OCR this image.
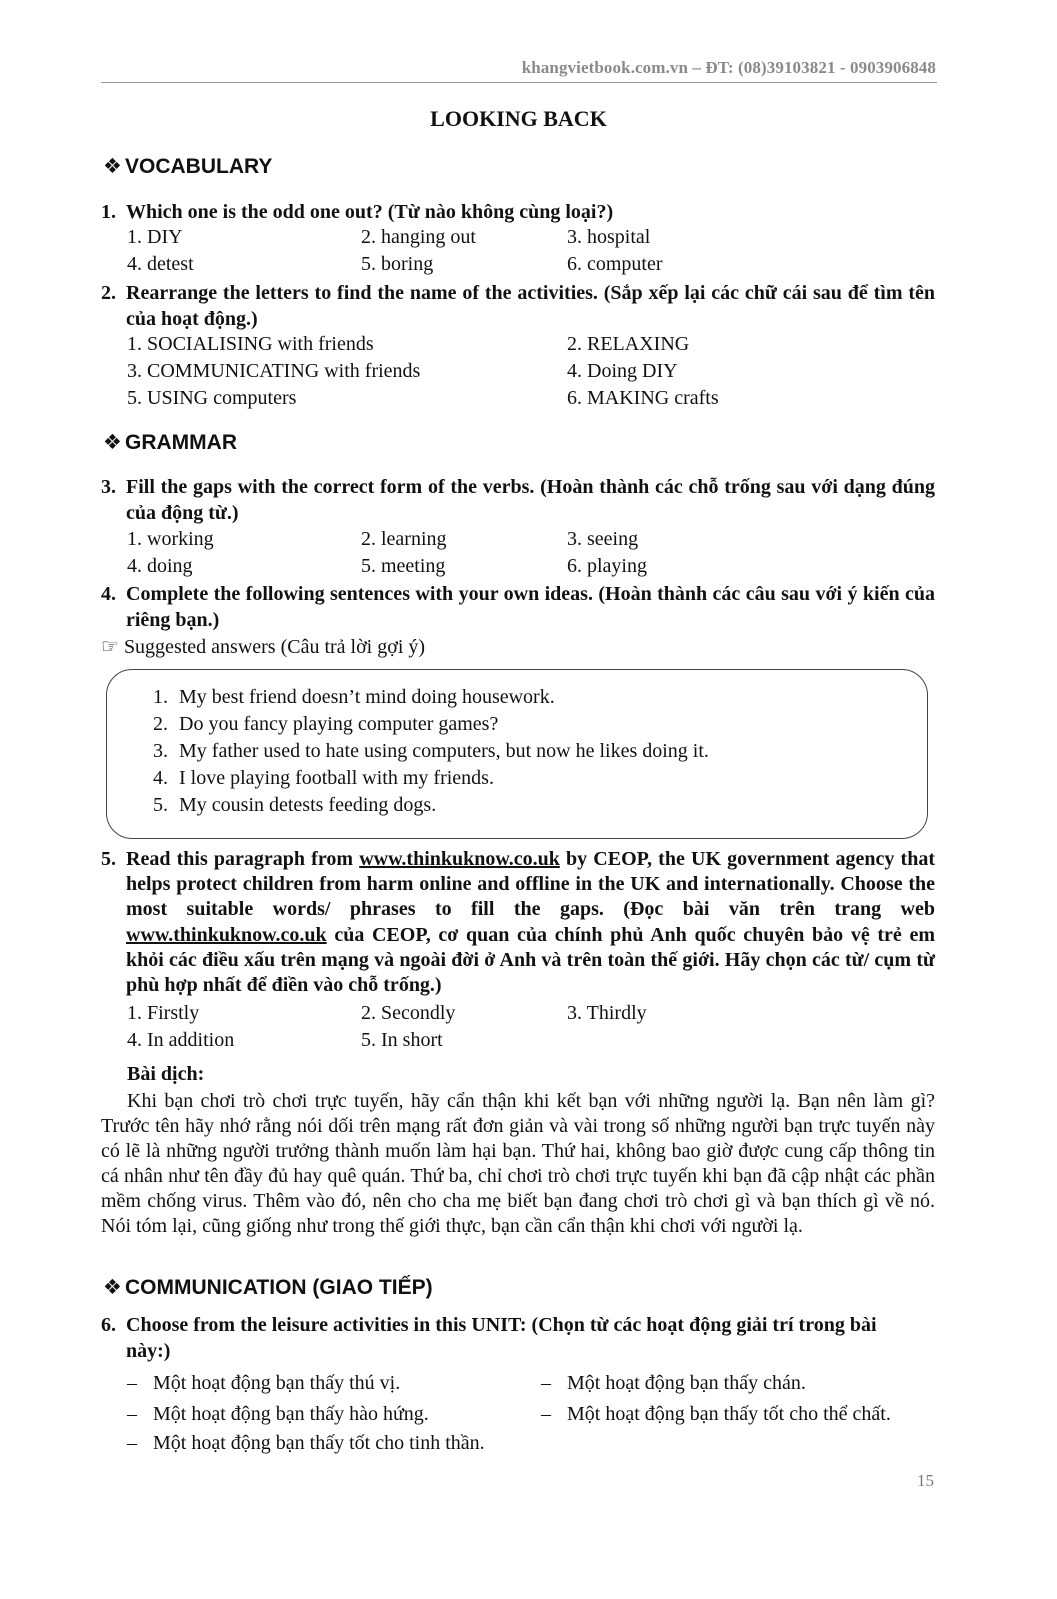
khangvietbook.com.vn – ĐT: (08)39103821 - 0903906848
LOOKING BACK
❖ VOCABULARY
1. Which one is the odd one out? (Từ nào không cùng loại?)
1. DIY	2. hanging out	3. hospital
4. detest	5. boring	6. computer
2. Rearrange the letters to find the name of the activities. (Sắp xếp lại các chữ cái sau để tìm tên của hoạt động.)
1. SOCIALISING with friends	2. RELAXING
3. COMMUNICATING with friends	4. Doing DIY
5. USING computers	6. MAKING crafts
❖ GRAMMAR
3. Fill the gaps with the correct form of the verbs. (Hoàn thành các chỗ trống sau với dạng đúng của động từ.)
1. working	2. learning	3. seeing
4. doing	5. meeting	6. playing
4. Complete the following sentences with your own ideas. (Hoàn thành các câu sau với ý kiến của riêng bạn.)
☞ Suggested answers (Câu trả lời gợi ý)
1. My best friend doesn’t mind doing housework.
2. Do you fancy playing computer games?
3. My father used to hate using computers, but now he likes doing it.
4. I love playing football with my friends.
5. My cousin detests feeding dogs.
5. Read this paragraph from www.thinkuknow.co.uk by CEOP, the UK government agency that helps protect children from harm online and offline in the UK and internationally. Choose the most suitable words/ phrases to fill the gaps. (Đọc bài văn trên trang web www.thinkuknow.co.uk của CEOP, cơ quan của chính phủ Anh quốc chuyên bảo vệ trẻ em khỏi các điều xấu trên mạng và ngoài đời ở Anh và trên toàn thế giới. Hãy chọn các từ/ cụm từ phù hợp nhất để điền vào chỗ trống.)
1. Firstly	2. Secondly	3. Thirdly
4. In addition	5. In short
Bài dịch:
Khi bạn chơi trò chơi trực tuyến, hãy cẩn thận khi kết bạn với những người lạ. Bạn nên làm gì? Trước tên hãy nhớ rằng nói dối trên mạng rất đơn giản và vài trong số những người bạn trực tuyến này có lẽ là những người trưởng thành muốn làm hại bạn. Thứ hai, không bao giờ được cung cấp thông tin cá nhân như tên đầy đủ hay quê quán. Thứ ba, chỉ chơi trò chơi trực tuyến khi bạn đã cập nhật các phần mềm chống virus. Thêm vào đó, nên cho cha mẹ biết bạn đang chơi trò chơi gì và bạn thích gì về nó. Nói tóm lại, cũng giống như trong thế giới thực, bạn cần cẩn thận khi chơi với người lạ.
❖ COMMUNICATION (GIAO TIẾP)
6. Choose from the leisure activities in this UNIT: (Chọn từ các hoạt động giải trí trong bài này:)
– Một hoạt động bạn thấy thú vị.	– Một hoạt động bạn thấy chán.
– Một hoạt động bạn thấy hào hứng.	– Một hoạt động bạn thấy tốt cho thể chất.
– Một hoạt động bạn thấy tốt cho tinh thần.
15
